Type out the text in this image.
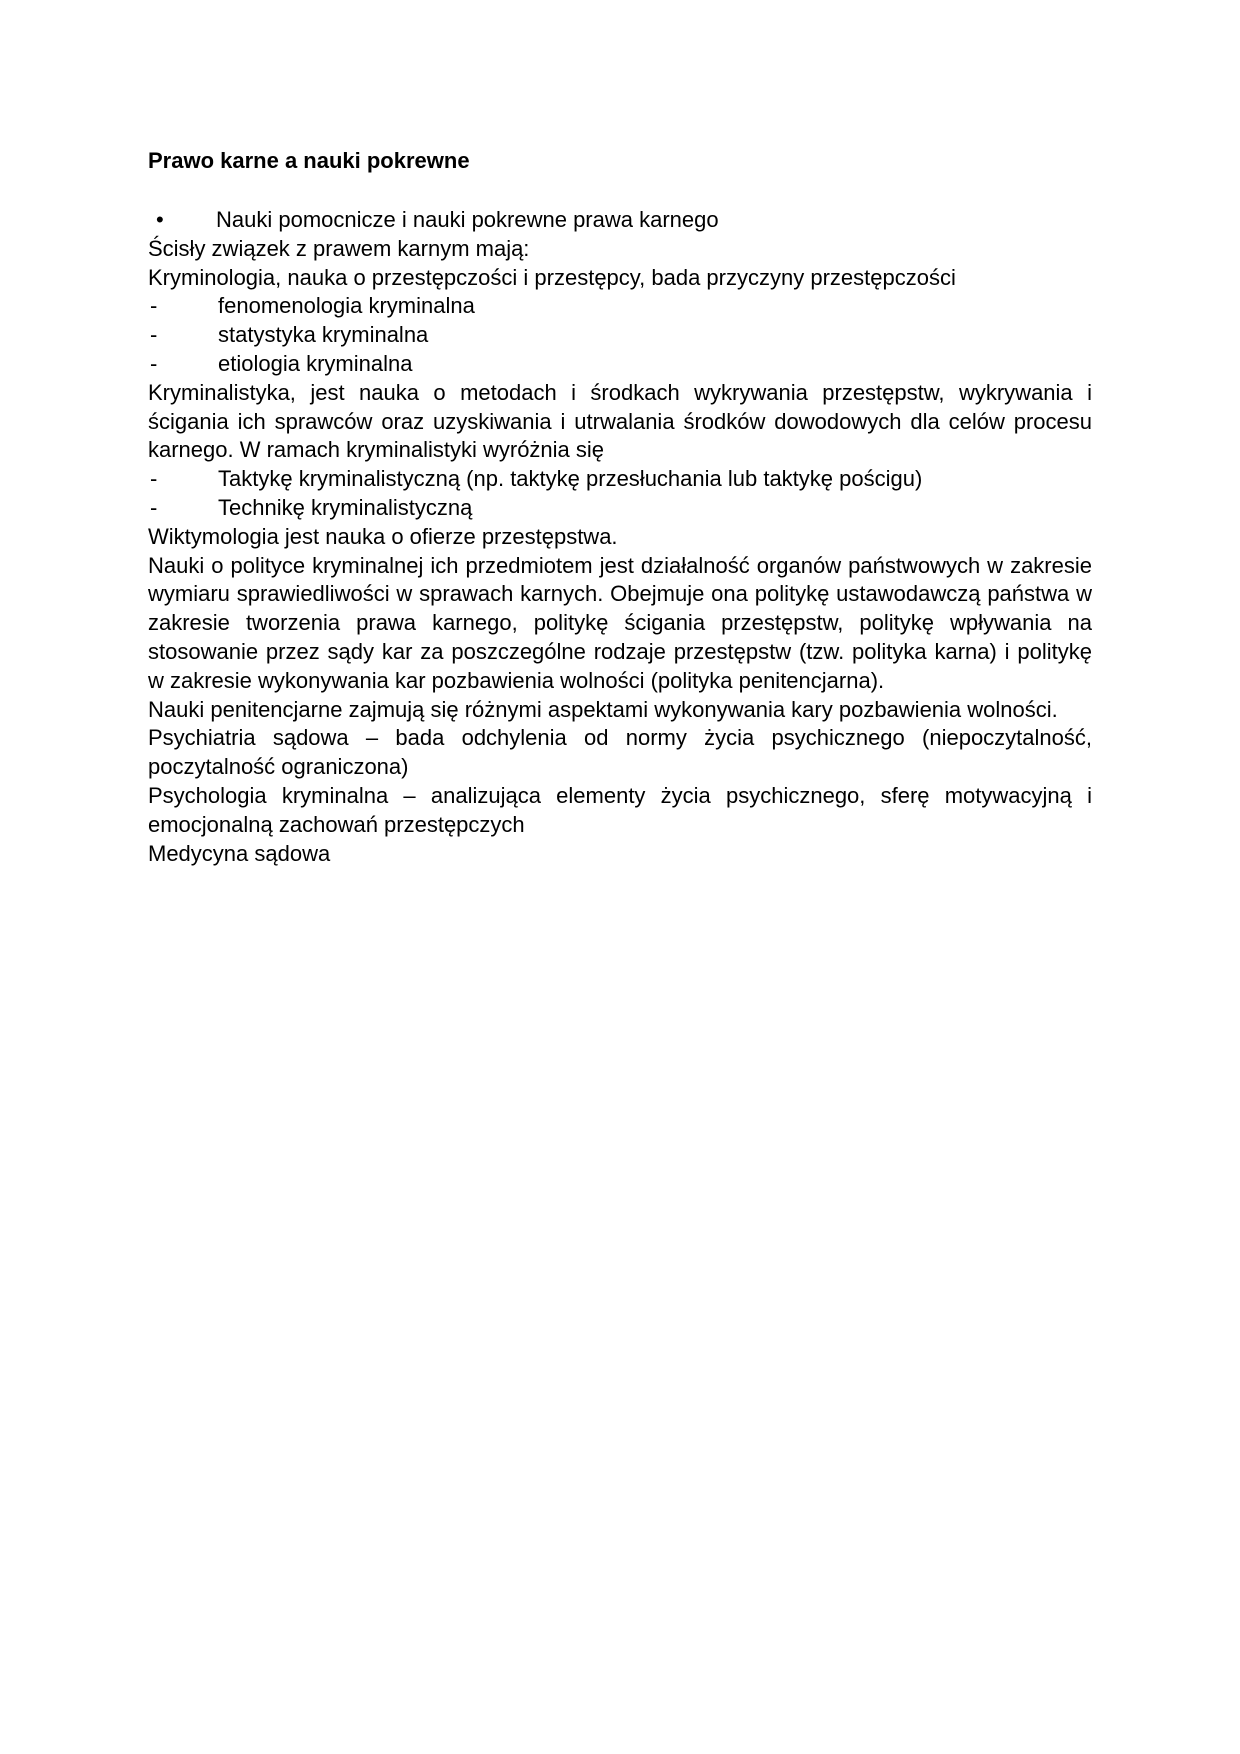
Prawo karne a nauki pokrewne
•	Nauki pomocnicze i nauki pokrewne prawa karnego
Ścisły związek z prawem karnym mają:
Kryminologia, nauka o przestępczości i przestępcy, bada przyczyny przestępczości
-	fenomenologia kryminalna
-	statystyka kryminalna
-	etiologia kryminalna
Kryminalistyka, jest nauka o metodach i środkach wykrywania przestępstw, wykrywania i ścigania ich sprawców oraz uzyskiwania i utrwalania środków dowodowych dla celów procesu karnego. W ramach kryminalistyki wyróżnia się
-	Taktykę kryminalistyczną (np. taktykę przesłuchania lub taktykę pościgu)
-	Technikę kryminalistyczną
Wiktymologia jest nauka o ofierze przestępstwa.
Nauki o polityce kryminalnej ich przedmiotem jest działalność organów państwowych w zakresie wymiaru sprawiedliwości w sprawach karnych. Obejmuje ona politykę ustawodawczą państwa w zakresie tworzenia prawa karnego, politykę ścigania przestępstw, politykę wpływania na stosowanie przez sądy kar za poszczególne rodzaje przestępstw (tzw. polityka karna) i politykę w zakresie wykonywania kar pozbawienia wolności (polityka penitencjarna).
Nauki penitencjarne zajmują się różnymi aspektami wykonywania kary pozbawienia wolności.
Psychiatria sądowa – bada odchylenia od normy życia psychicznego (niepoczytalność, poczytalność ograniczona)
Psychologia kryminalna – analizująca elementy życia psychicznego, sferę motywacyjną i emocjonalną zachowań przestępczych
Medycyna sądowa
